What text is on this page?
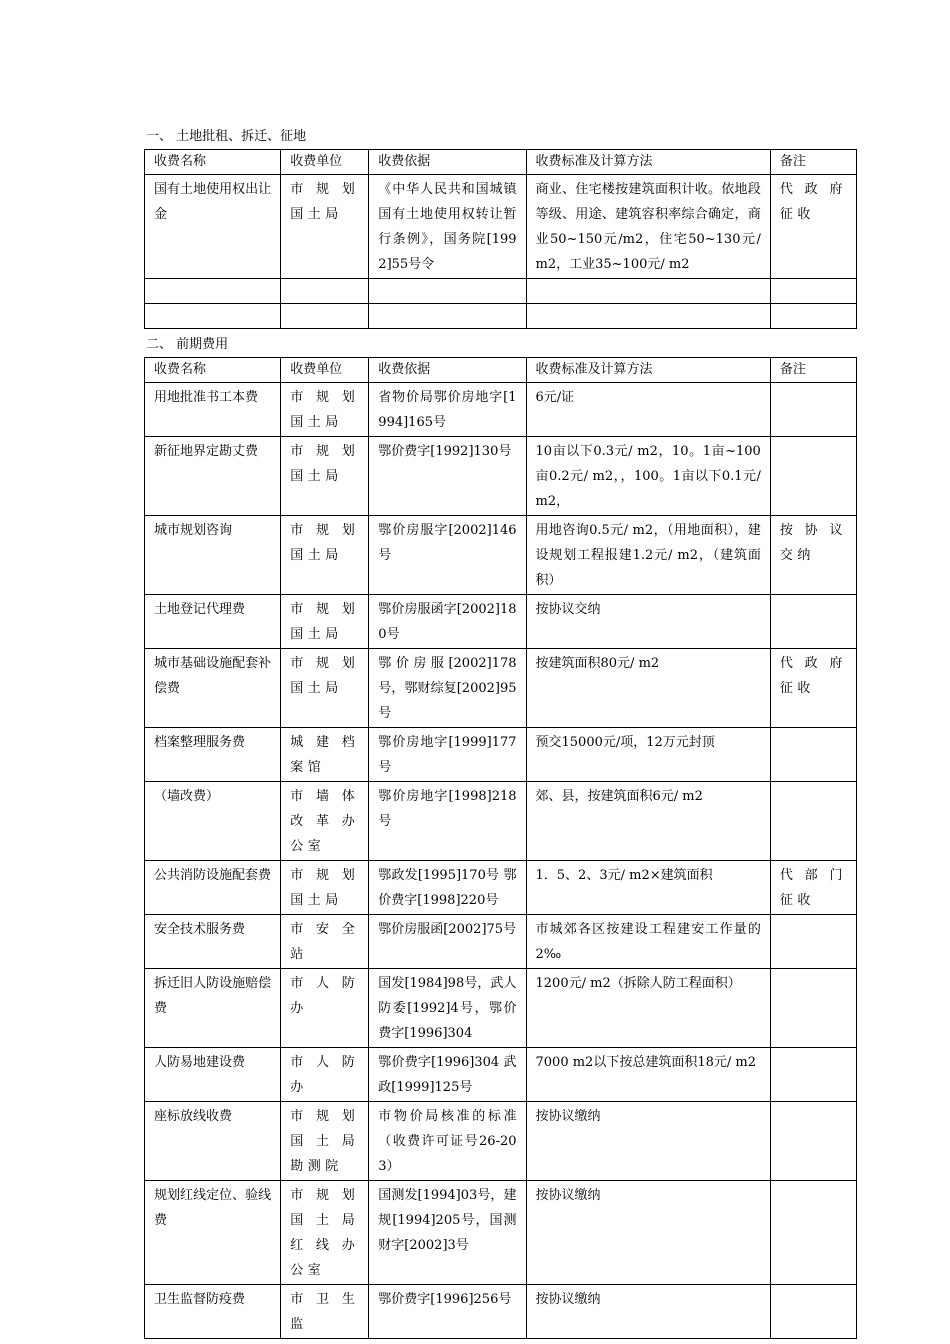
一、 土地批租、拆迁、征地
收费名称	收费单位	收费依据	收费标准及计算方法	备注
国有土地使用权出让金	市规划国土局	《中华人民共和国城镇国有土地使用权转让暂行条例》，国务院[1992]55号令	商业、住宅楼按建筑面积计收。依地段等级、用途、建筑容积率综合确定，商业50~150元/m2，住宅50~130元/ m2，工业35~100元/ m2	代政府征收

二、 前期费用
收费名称	收费单位	收费依据	收费标准及计算方法	备注
用地批准书工本费	市规划国土局	省物价局鄂价房地字[1994]165号	6元/证	
新征地界定勘丈费	市规划国土局	鄂价费字[1992]130号	10亩以下0.3元/ m2，10。1亩~100亩0.2元/ m2，，100。1亩以下0.1元/ m2，	
城市规划咨询	市规划国土局	鄂价房服字[2002]146号	用地咨询0.5元/ m2，（用地面积），建设规划工程报建1.2元/ m2，（建筑面积）	按协议交纳
土地登记代理费	市规划国土局	鄂价房服函字[2002]180号	按协议交纳	
城市基础设施配套补偿费	市规划国土局	鄂价房服[2002]178号，鄂财综复[2002]95号	按建筑面积80元/ m2	代政府征收
档案整理服务费	城建档案馆	鄂价房地字[1999]177号	预交15000元/项，12万元封顶	
（墙改费）	市墙体改革办公室	鄂价房地字[1998]218号	郊、县，按建筑面积6元/ m2	
公共消防设施配套费	市规划国土局	鄂政发[1995]170号 鄂价费字[1998]220号	1．5、2、3元/ m2×建筑面积	代部门征收
安全技术服务费	市安全站	鄂价房服函[2002]75号	市城郊各区按建设工程建安工作量的2‰	
拆迁旧人防设施赔偿费	市人防办	国发[1984]98号，武人防委[1992]4号，鄂价费字[1996]304	1200元/ m2（拆除人防工程面积）	
人防易地建设费	市人防办	鄂价费字[1996]304 武政[1999]125号	7000 m2以下按总建筑面积18元/ m2	
座标放线收费	市规划国土局勘测院	市物价局核准的标准（收费许可证号26-203）	按协议缴纳	
规划红线定位、验线费	市规划国土局红线办公室	国测发[1994]03号，建规[1994]205号，国测财字[2002]3号	按协议缴纳	
卫生监督防疫费	市卫生监	鄂价费字[1996]256号	按协议缴纳	
